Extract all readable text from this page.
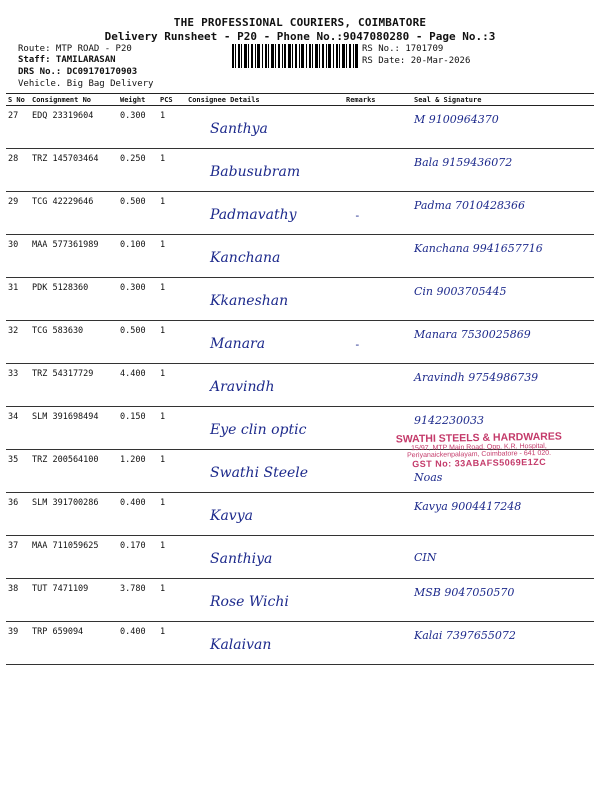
THE PROFESSIONAL COURIERS, COIMBATORE
Delivery Runsheet - P20 - Phone No.:9047080280 - Page No.:3
Route: MTP ROAD - P20
Staff: TAMILARASAN
DRS No.: DC09170170903
Vehicle. Big Bag Delivery
RS No.: 1701709
RS Date: 20-Mar-2026
S No	Consignment No	Weight	PCS	Consignee Details	Remarks	Seal & Signature
27	EDQ 23319604	0.300	1	Santhya		M 9100964370
28	TRZ 145703464	0.250	1	Babusubram		Bala 9159436072
29	TCG 42229646	0.500	1	Padmavathy	-	Padma 7010428366
30	MAA 577361989	0.100	1	Kanchana		Kanchana 9941657716
31	PDK 5128360	0.300	1	Kkaneshan		Cin 9003705445
32	TCG 583630	0.500	1	Manara	-	Manara 7530025869
33	TRZ 54317729	4.400	1	Aravindh		Aravindh 9754986739
34	SLM 391698494	0.150	1	Eye clin optic		9142230033
35	TRZ 200564100	1.200	1	Swathi Steele		Noas
36	SLM 391700286	0.400	1	Kavya		Kavya 9004417248
37	MAA 711059625	0.170	1	Santhiya		CIN
38	TUT 7471109	3.780	1	Rose Wichi		MSB 9047050570
39	TRP 659094	0.400	1	Kalaivan		Kalai 7397655072
SWATHI STEELS & HARDWARES
15/97, MTP Main Road, Opp. K.R. Hospital,
Periyanaickenpalayam, Coimbatore - 641 020.
GST No: 33ABAFS5069E1ZC
